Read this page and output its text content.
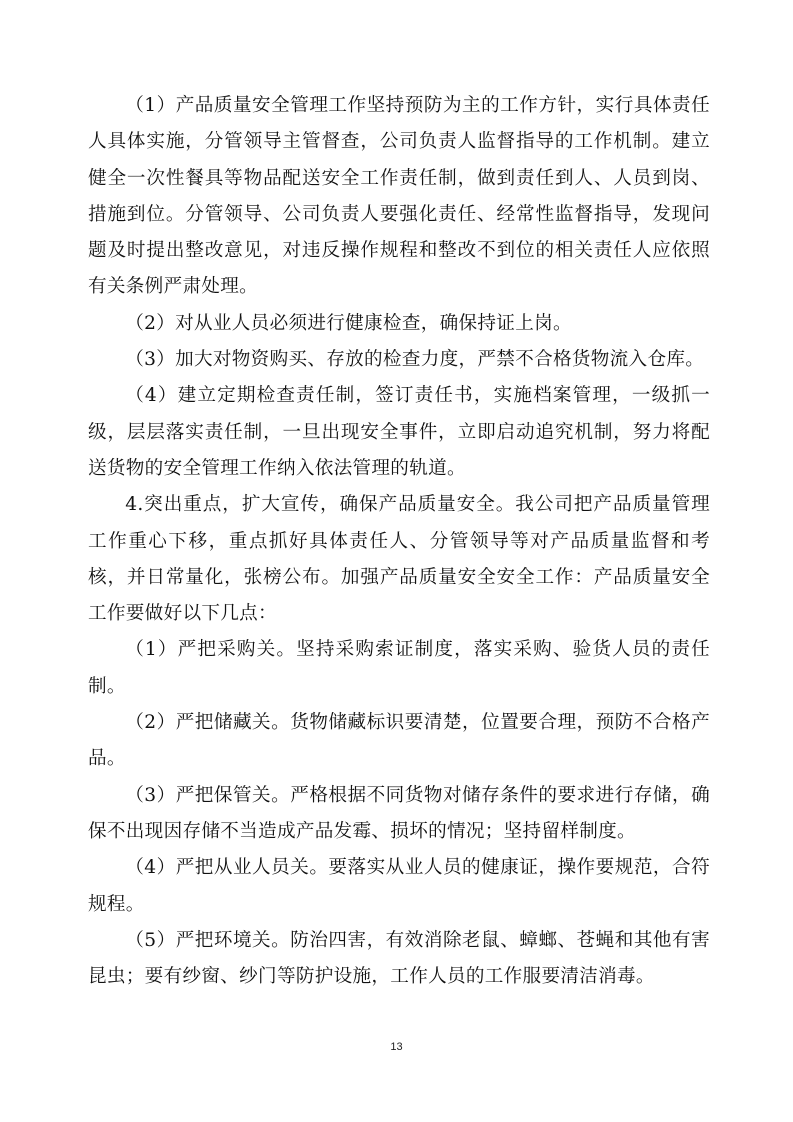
（1）产品质量安全管理工作坚持预防为主的工作方针，实行具体责任人具体实施，分管领导主管督查，公司负责人监督指导的工作机制。建立健全一次性餐具等物品配送安全工作责任制，做到责任到人、人员到岗、措施到位。分管领导、公司负责人要强化责任、经常性监督指导，发现问题及时提出整改意见，对违反操作规程和整改不到位的相关责任人应依照有关条例严肃处理。

（2）对从业人员必须进行健康检查，确保持证上岗。

（3）加大对物资购买、存放的检查力度，严禁不合格货物流入仓库。

（4）建立定期检查责任制，签订责任书，实施档案管理，一级抓一级，层层落实责任制，一旦出现安全事件，立即启动追究机制，努力将配送货物的安全管理工作纳入依法管理的轨道。

4.突出重点，扩大宣传，确保产品质量安全。我公司把产品质量管理工作重心下移，重点抓好具体责任人、分管领导等对产品质量监督和考核，并日常量化，张榜公布。加强产品质量安全安全工作：产品质量安全工作要做好以下几点：

（1）严把采购关。坚持采购索证制度，落实采购、验货人员的责任制。

（2）严把储藏关。货物储藏标识要清楚，位置要合理，预防不合格产品。

（3）严把保管关。严格根据不同货物对储存条件的要求进行存储，确保不出现因存储不当造成产品发霉、损坏的情况；坚持留样制度。

（4）严把从业人员关。要落实从业人员的健康证，操作要规范，合符规程。

（5）严把环境关。防治四害，有效消除老鼠、蟑螂、苍蝇和其他有害昆虫；要有纱窗、纱门等防护设施，工作人员的工作服要清洁消毒。

13
